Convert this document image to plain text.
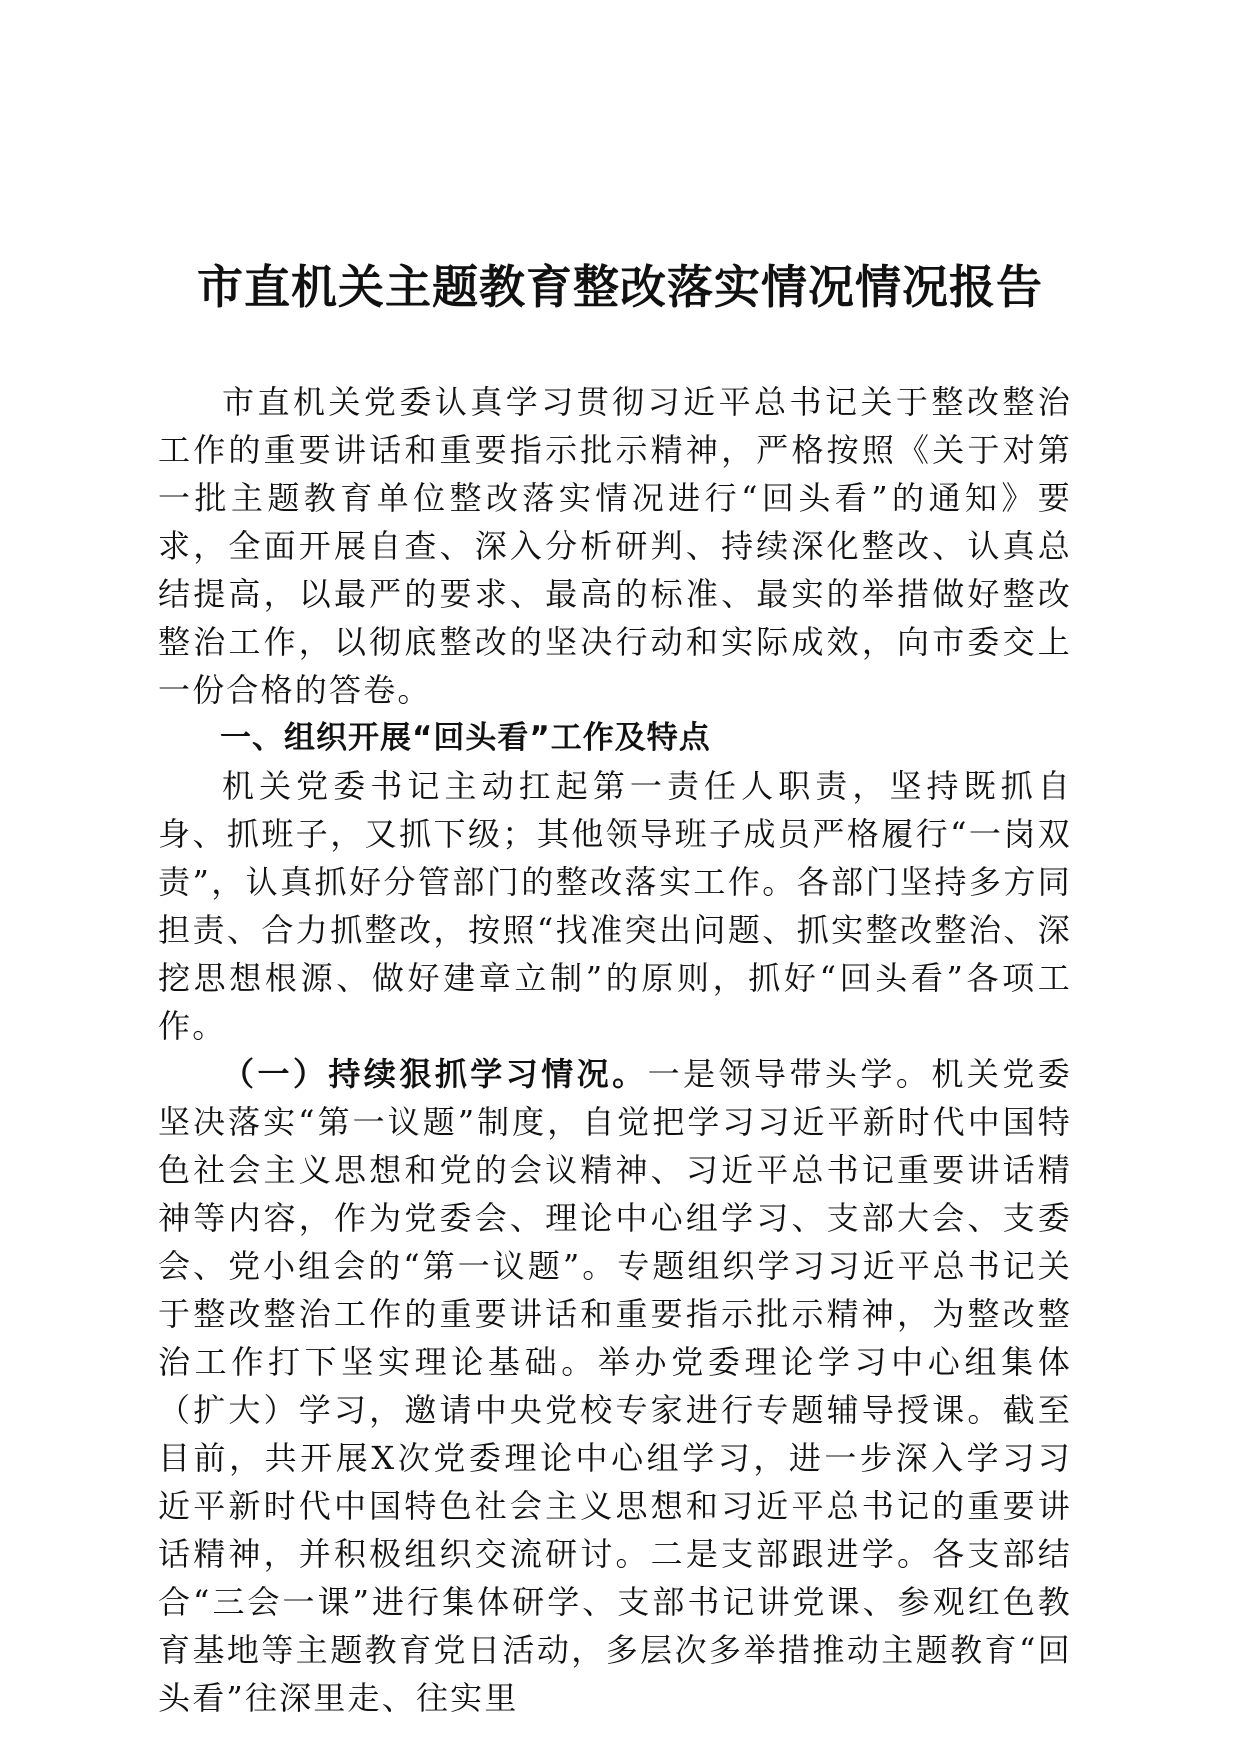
市直机关主题教育整改落实情况情况报告

市直机关党委认真学习贯彻习近平总书记关于整改整治工作的重要讲话和重要指示批示精神，严格按照《关于对第一批主题教育单位整改落实情况进行“回头看”的通知》要求，全面开展自查、深入分析研判、持续深化整改、认真总结提高，以最严的要求、最高的标准、最实的举措做好整改整治工作，以彻底整改的坚决行动和实际成效，向市委交上一份合格的答卷。

一、组织开展“回头看”工作及特点

机关党委书记主动扛起第一责任人职责，坚持既抓自身、抓班子，又抓下级；其他领导班子成员严格履行“一岗双责”，认真抓好分管部门的整改落实工作。各部门坚持多方同担责、合力抓整改，按照“找准突出问题、抓实整改整治、深挖思想根源、做好建章立制”的原则，抓好“回头看”各项工作。

（一）持续狠抓学习情况。一是领导带头学。机关党委坚决落实“第一议题”制度，自觉把学习习近平新时代中国特色社会主义思想和党的会议精神、习近平总书记重要讲话精神等内容，作为党委会、理论中心组学习、支部大会、支委会、党小组会的“第一议题”。专题组织学习习近平总书记关于整改整治工作的重要讲话和重要指示批示精神，为整改整治工作打下坚实理论基础。举办党委理论学习中心组集体（扩大）学习，邀请中央党校专家进行专题辅导授课。截至目前，共开展X次党委理论中心组学习，进一步深入学习习近平新时代中国特色社会主义思想和习近平总书记的重要讲话精神，并积极组织交流研讨。二是支部跟进学。各支部结合“三会一课”进行集体研学、支部书记讲党课、参观红色教育基地等主题教育党日活动，多层次多举措推动主题教育“回头看”往深里走、往实里
